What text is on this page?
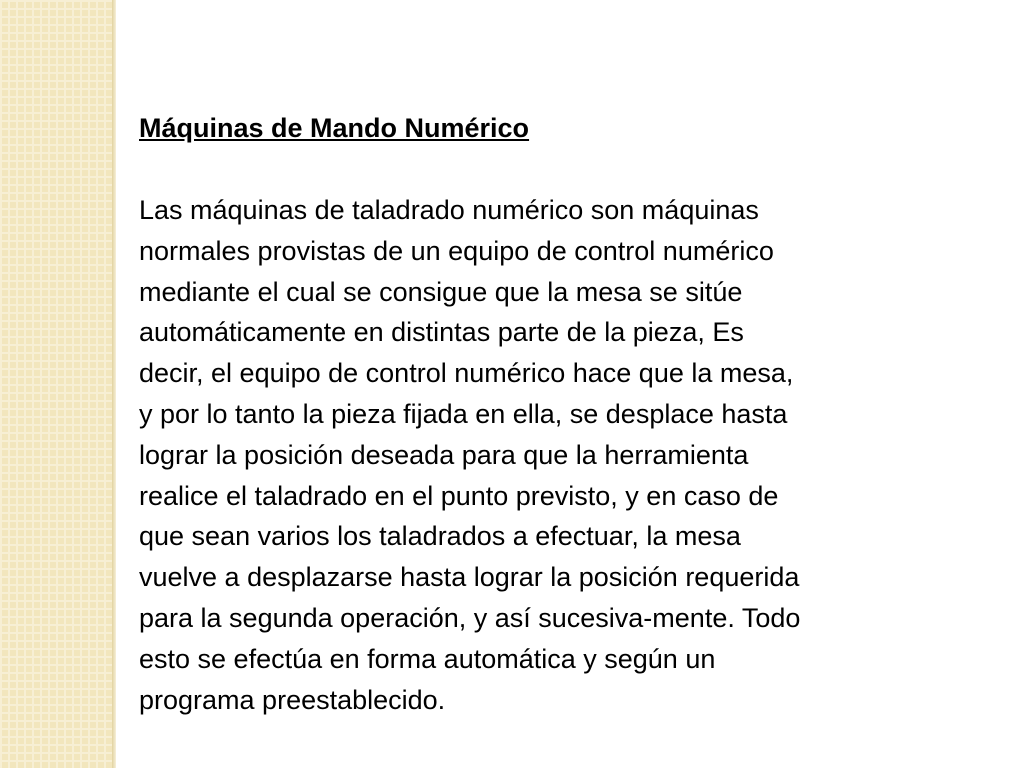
Máquinas de Mando Numérico

Las máquinas de taladrado numérico son máquinas
normales provistas de un equipo de control numérico
mediante el cual se consigue que la mesa se sitúe
automáticamente en distintas parte de la pieza, Es
decir, el equipo de control numérico hace que la mesa,
y por lo tanto la pieza fijada en ella, se desplace hasta
lograr la posición deseada para que la herramienta
realice el taladrado en el punto previsto, y en caso de
que sean varios los taladrados a efectuar, la mesa
vuelve a desplazarse hasta lograr la posición requerida
para la segunda operación, y así sucesiva-mente. Todo
esto se efectúa en forma automática y según un
programa preestablecido.
